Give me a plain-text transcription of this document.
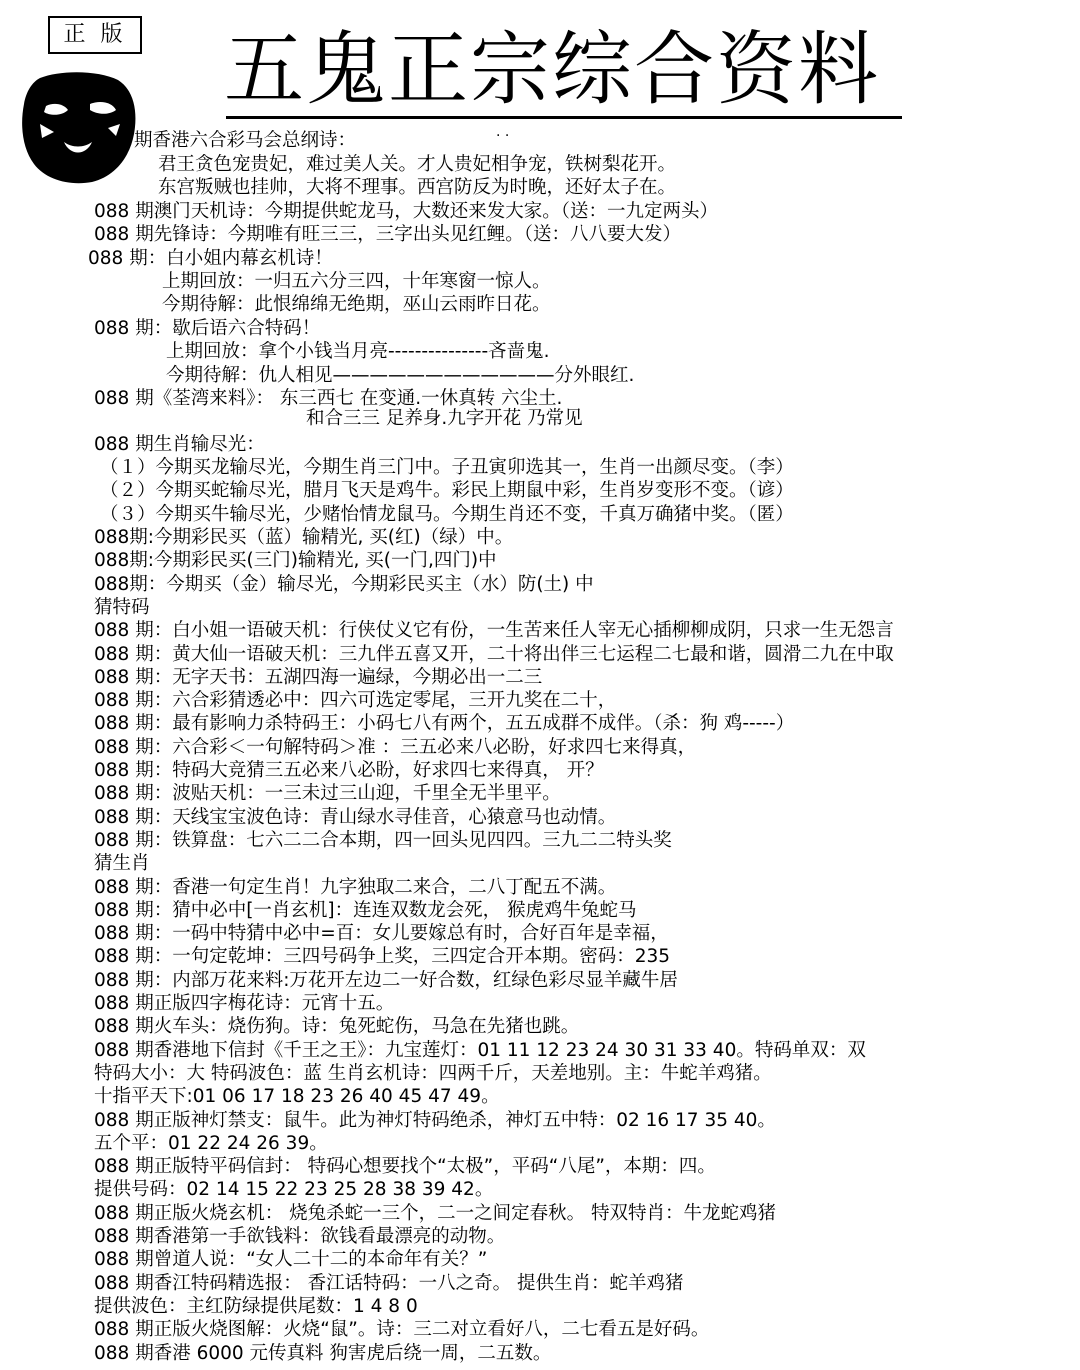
正 版 五鬼正宗综合资料
· ·
期香港六合彩马会总纲诗：
君王贪色宠贵妃，难过美人关。才人贵妃相争宠，铁树梨花开。
东宫叛贼也挂帅，大将不理事。西宫防反为时晚，还好太子在。
088 期澳门天机诗：今期提供蛇龙马，大数还来发大家。（送：一九定两头）
088 期先锋诗：今期唯有旺三三，三字出头见红鲤。（送：八八要大发）
088 期：白小姐内幕玄机诗！
上期回放：一归五六分三四，十年寒窗一惊人。
今期待解：此恨绵绵无绝期，巫山云雨昨日花。
088 期：歇后语六合特码！
上期回放：拿个小钱当月亮---------------吝啬鬼.
今期待解：仇人相见————————————分外眼红.
088 期《荃湾来料》： 东三西七 在变通.一休真转 六尘土.
和合三三 足养身.九字开花 乃常见
088 期生肖输尽光：
（１）今期买龙输尽光，今期生肖三门中。子丑寅卯选其一，生肖一出颜尽变。（李）
（２）今期买蛇输尽光，腊月飞天是鸡牛。彩民上期鼠中彩，生肖岁变形不变。（谚）
（３）今期买牛输尽光，少赌怡情龙鼠马。今期生肖还不变，千真万确猪中奖。（匿）
088期:今期彩民买（蓝）输精光, 买(红)（绿）中。
088期:今期彩民买(三门)输精光, 买(一门,四门)中
088期：今期买（金）输尽光，今期彩民买主（水）防(土) 中
猜特码
088 期：白小姐一语破天机：行侠仗义它有份，一生苦来任人宰无心插柳柳成阴，只求一生无怨言
088 期：黄大仙一语破天机：三九伴五喜又开，二十将出伴三七运程二七最和谐，圆滑二九在中取
088 期：无字天书：五湖四海一遍绿，今期必出一二三
088 期：六合彩猜透必中：四六可选定零尾，三开九奖在二十，
088 期：最有影响力杀特码王：小码七八有两个，五五成群不成伴。（杀：狗 鸡-----）
088 期：六合彩＜一句解特码＞准 ：三五必来八必盼，好求四七来得真，
088 期：特码大竞猜三五必来八必盼，好求四七来得真， 开？
088 期：波贴天机：一三未过三山迎，千里全无半里平。
088 期：天线宝宝波色诗：青山绿水寻佳音，心猿意马也动情。
088 期：铁算盘：七六二二合本期，四一回头见四四。三九二二特头奖
猜生肖
088 期：香港一句定生肖！九字独取二来合，二八丁配五不满。
088 期：猜中必中[一肖玄机]：连连双数龙会死， 猴虎鸡牛兔蛇马
088 期：一码中特猜中必中=百：女儿要嫁总有时，合好百年是幸福，
088 期：一句定乾坤：三四号码争上奖，三四定合开本期。密码：235
088 期：内部万花来料:万花开左边二一好合数，红绿色彩尽显羊藏牛居
088 期正版四字梅花诗：元宵十五。
088 期火车头：烧伤狗。诗：兔死蛇伤，马急在先猪也跳。
088 期香港地下信封《千王之王》：九宝莲灯：01 11 12 23 24 30 31 33 40。特码单双：双
特码大小：大 特码波色：蓝 生肖玄机诗：四两千斤，天差地别。主：牛蛇羊鸡猪。
十指平天下:01 06 17 18 23 26 40 45 47 49。
088 期正版神灯禁支：鼠牛。此为神灯特码绝杀，神灯五中特：02 16 17 35 40。
五个平：01 22 24 26 39。
088 期正版特平码信封： 特码心想要找个“太极”，平码“八尾”，本期：四。
提供号码：02 14 15 22 23 25 28 38 39 42。
088 期正版火烧玄机： 烧兔杀蛇一三个，二一之间定春秋。 特双特肖：牛龙蛇鸡猪
088 期香港第一手欲钱料：欲钱看最漂亮的动物。
088 期曾道人说：“女人二十二的本命年有关？”
088 期香江特码精选报： 香江话特码：一八之奇。 提供生肖：蛇羊鸡猪
提供波色：主红防绿提供尾数：1 4 8 0
088 期正版火烧图解：火烧“鼠”。诗：三二对立看好八，二七看五是好码。
088 期香港 6000 元传真料 狗害虎后绕一周，二五数。
